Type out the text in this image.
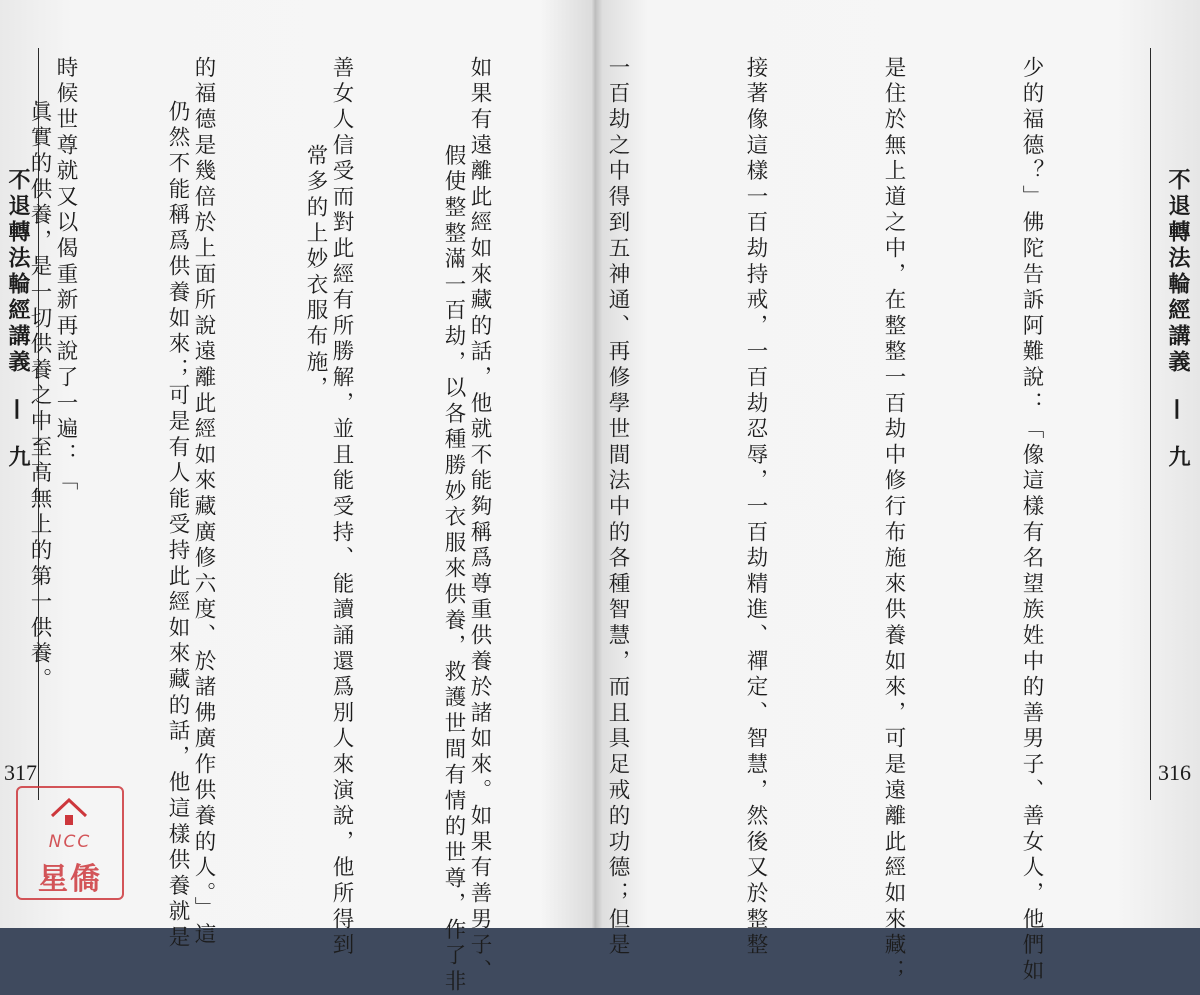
不退轉法輪經講義 — 九
317

	假使整整滿一百劫，以各種勝妙衣服來供養，救護世間有情的世尊，作了非

常多的上妙衣服布施，

仍然不能稱爲供養如來；可是有人能受持此經如來藏的話，他這樣供養就是

眞實的供養，是一切供養之中至高無上的第一供養。

NCC
星僑
不退轉法輪經講義 — 九
316

少的福德？」佛陀告訴阿難說：「像這樣有名望族姓中的善男子、善女人，他們如

是住於無上道之中，在整整一百劫中修行布施來供養如來，可是遠離此經如來藏；

接著像這樣一百劫持戒，一百劫忍辱，一百劫精進、禪定、智慧，然後又於整整

一百劫之中得到五神通、再修學世間法中的各種智慧，而且具足戒的功德；但是

如果有遠離此經如來藏的話，他就不能夠稱爲尊重供養於諸如來。如果有善男子、

善女人信受而對此經有所勝解，並且能受持、能讀誦還爲別人來演說，他所得到

的福德是幾倍於上面所說遠離此經如來藏廣修六度、於諸佛廣作供養的人。」這

時候世尊就又以偈重新再說了一遍：「
